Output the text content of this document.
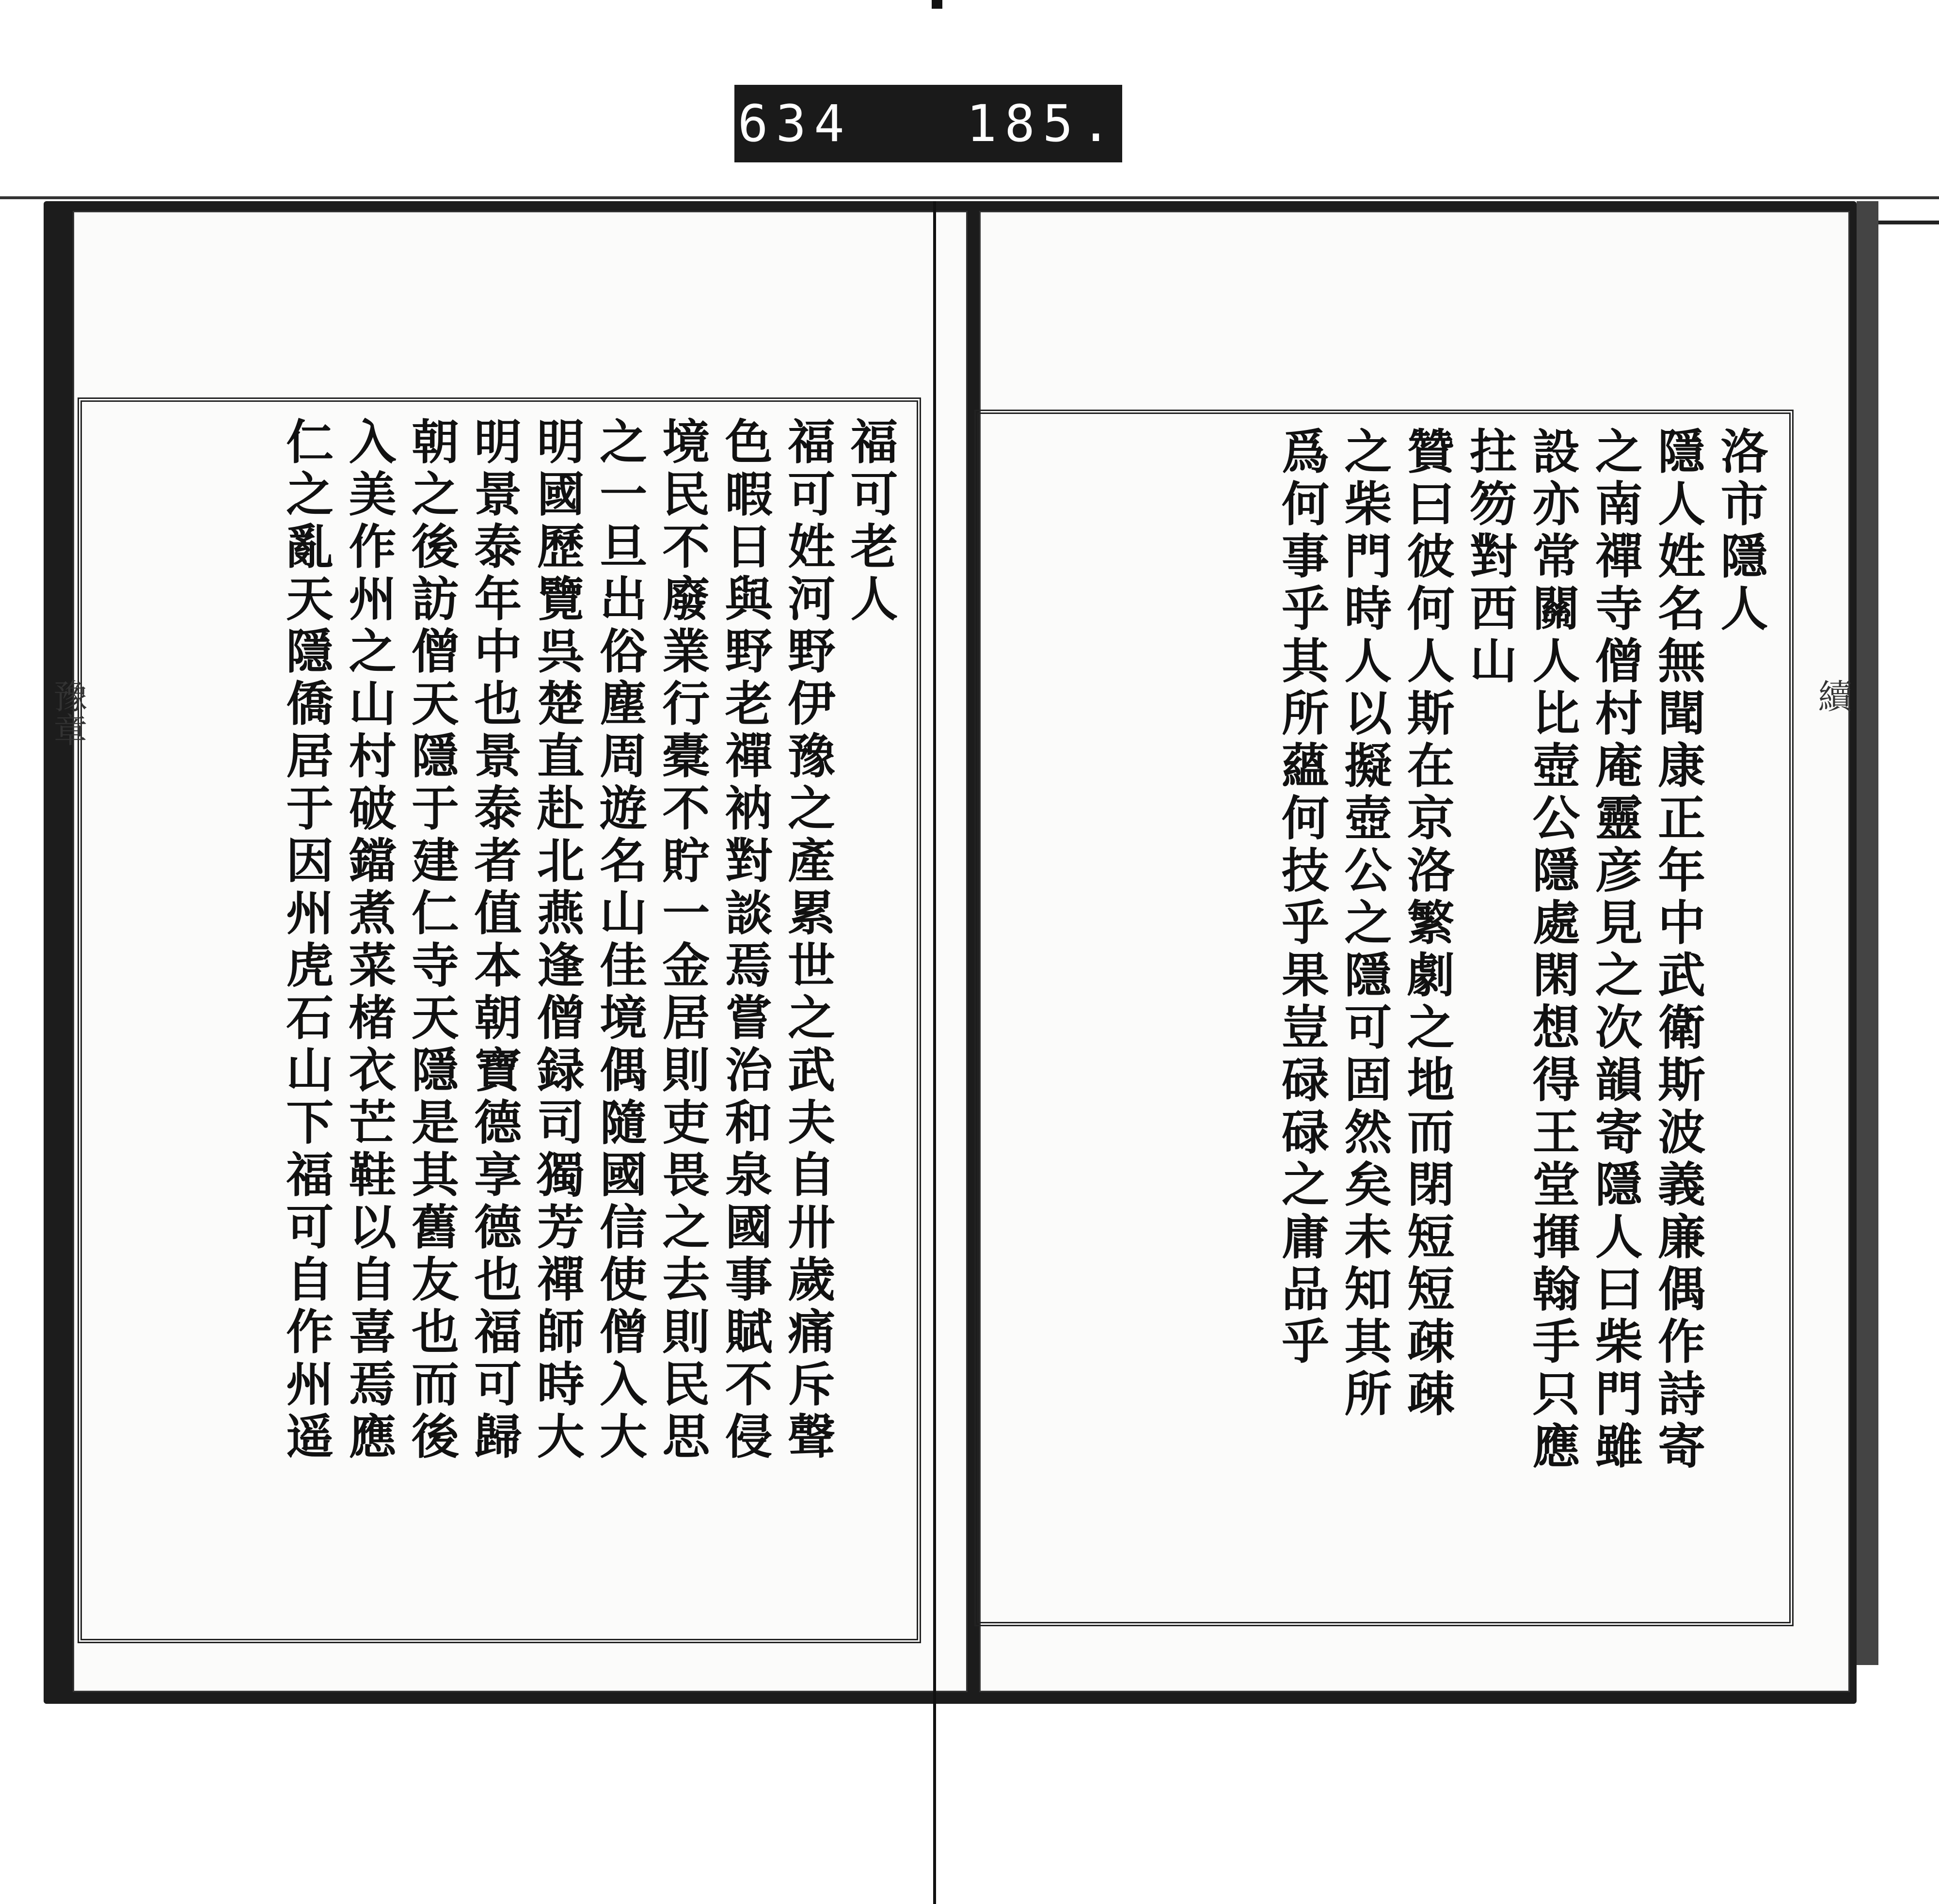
634   185.
洛市隱人
隱人姓名無聞康正年中武衛斯波義廉偶作詩寄
之南禪寺僧村庵靈彦見之次韻寄隱人曰柴門雖
設亦常關人比壺公隱處閑想得王堂揮翰手只應
拄笏對西山
贊曰彼何人斯在京洛繁劇之地而閉短短疎疎
之柴門時人以擬壺公之隱可固然矣未知其所
爲何事乎其所蘊何技乎果豈碌碌之庸品乎
福可老人
福可姓河野伊豫之產累世之武夫自卅歲痛斥聲
色暇日與野老禪衲對談焉嘗治和泉國事賦不侵
境民不廢業行橐不貯一金居則吏畏之去則民思
之一旦出俗塵周遊名山佳境偶隨國信使僧入大
明國歷覽呉楚直赴北燕逢僧録司獨芳禪師時大
明景泰年中也景泰者值本朝寶德享德也福可歸
朝之後訪僧天隱于建仁寺天隱是其舊友也而後
入美作州之山村破鐺煮菜楮衣芒鞋以自喜焉應
仁之亂天隱僑居于因州虎石山下福可自作州遥
豫章	續
